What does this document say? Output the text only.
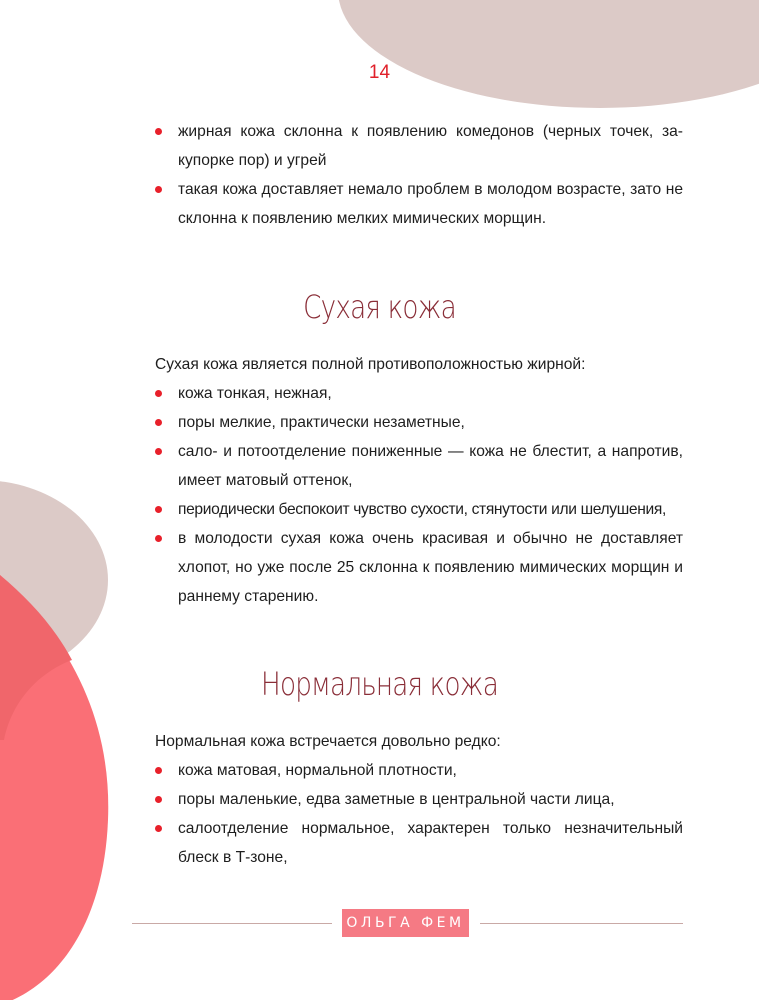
14
жирная кожа склонна к появлению комедонов (черных точек, закупорке пор) и угрей
такая кожа доставляет немало проблем в молодом возрасте, зато не склонна к появлению мелких мимических морщин.
Сухая кожа

Сухая кожа является полной противоположностью жирной:

кожа тонкая, нежная,
поры мелкие, практически незаметные,
сало- и потоотделение пониженные — кожа не блестит, а напротив, имеет матовый оттенок,
периодически беспокоит чувство сухости, стянутости или шелушения,
в молодости сухая кожа очень красивая и обычно не доставляет хлопот, но уже после 25 склонна к появлению мимических морщин и раннему старению.
Нормальная кожа

Нормальная кожа встречается довольно редко:

кожа матовая, нормальной плотности,
поры маленькие, едва заметные в центральной части лица,
салоотделение нормальное, характерен только незначительный блеск в Т-зоне,
ОЛЬГА ФЕМ
